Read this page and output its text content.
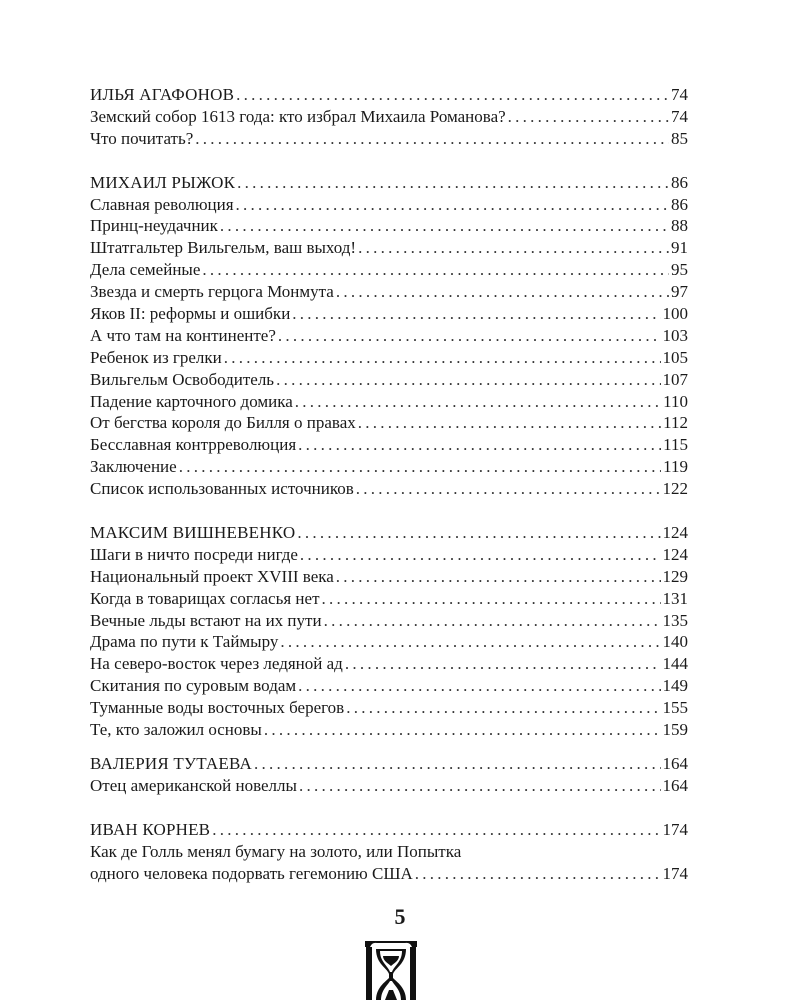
ИЛЬЯ АГАФОНОВ . . .	74
Земский собор 1613 года: кто избрал Михаила Романова? . . .	74
Что почитать? . . .	85
МИХАИЛ РЫЖОК . . .	86
Славная революция . . .	86
Принц-неудачник . . .	88
Штатгальтер Вильгельм, ваш выход! . . .	91
Дела семейные . . .	95
Звезда и смерть герцога Монмута . . .	97
Яков II: реформы и ошибки . . .	100
А что там на континенте? . . .	103
Ребенок из грелки . . .	105
Вильгельм Освободитель . . .	107
Падение карточного домика . . .	110
От бегства короля до Билля о правах . . .	112
Бесславная контрреволюция . . .	115
Заключение . . .	119
Список использованных источников . . .	122
МАКСИМ ВИШНЕВЕНКО . . .	124
Шаги в ничто посреди нигде . . .	124
Национальный проект XVIII века . . .	129
Когда в товарищах согласья нет . . .	131
Вечные льды встают на их пути . . .	135
Драма по пути к Таймыру . . .	140
На северо-восток через ледяной ад . . .	144
Скитания по суровым водам . . .	149
Туманные воды восточных берегов . . .	155
Те, кто заложил основы . . .	159
ВАЛЕРИЯ ТУТАЕВА . . .	164
Отец американской новеллы . . .	164
ИВАН КОРНЕВ . . .	174
Как де Голль менял бумагу на золото, или Попытка
одного человека подорвать гегемонию США . . .	174
5
